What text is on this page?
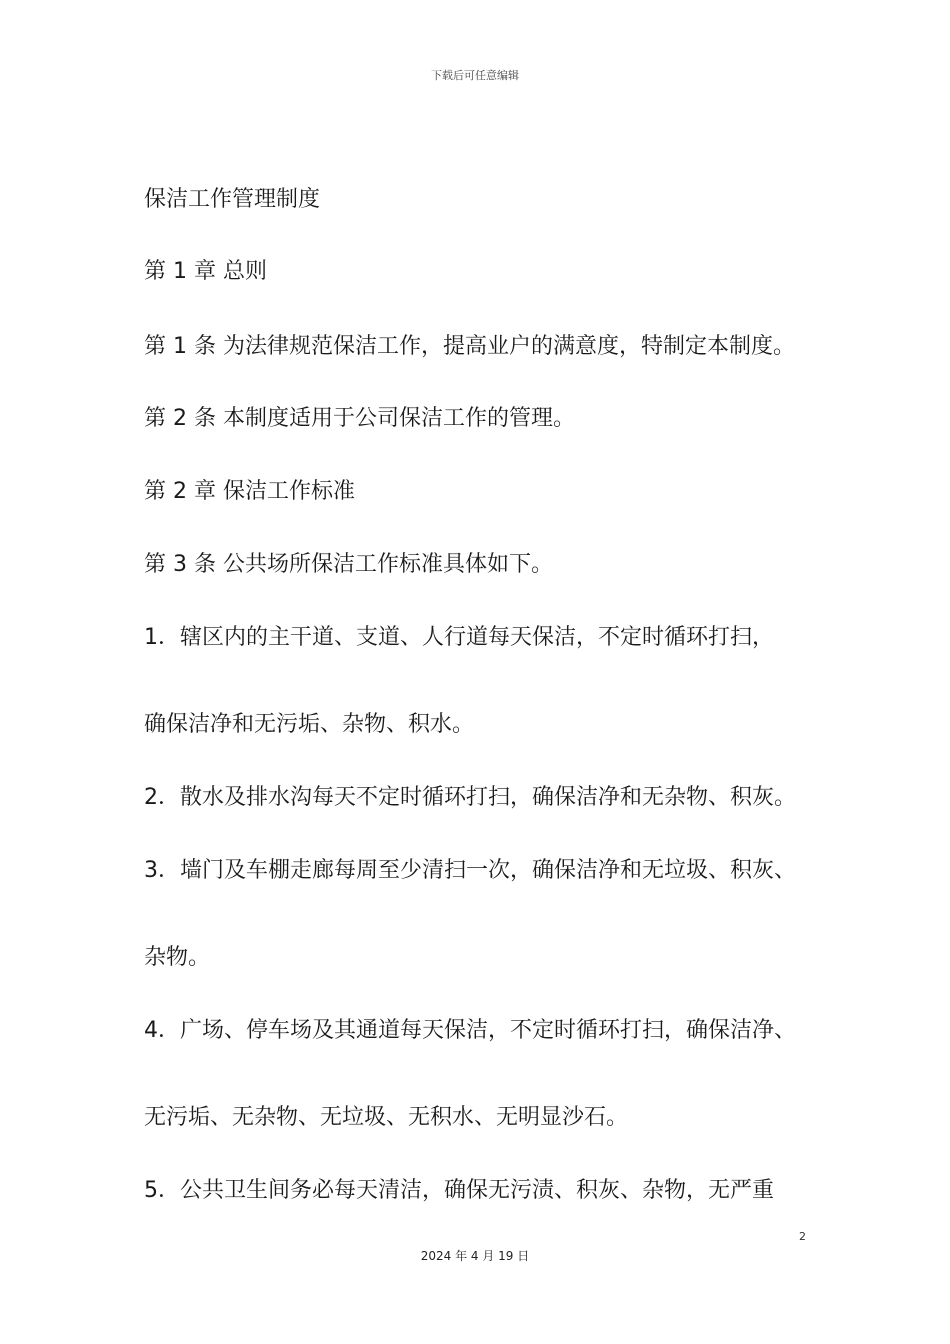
下载后可任意编辑
保洁工作管理制度
第 1 章 总则
第 1 条 为法律规范保洁工作，提高业户的满意度，特制定本制度。
第 2 条 本制度适用于公司保洁工作的管理。
第 2 章 保洁工作标准
第 3 条 公共场所保洁工作标准具体如下。
1．辖区内的主干道、支道、人行道每天保洁，不定时循环打扫，
确保洁净和无污垢、杂物、积水。
2．散水及排水沟每天不定时循环打扫，确保洁净和无杂物、积灰。
3．墙门及车棚走廊每周至少清扫一次，确保洁净和无垃圾、积灰、
杂物。
4．广场、停车场及其通道每天保洁，不定时循环打扫，确保洁净、
无污垢、无杂物、无垃圾、无积水、无明显沙石。
5．公共卫生间务必每天清洁，确保无污渍、积灰、杂物，无严重
2
2024 年 4 月 19 日
